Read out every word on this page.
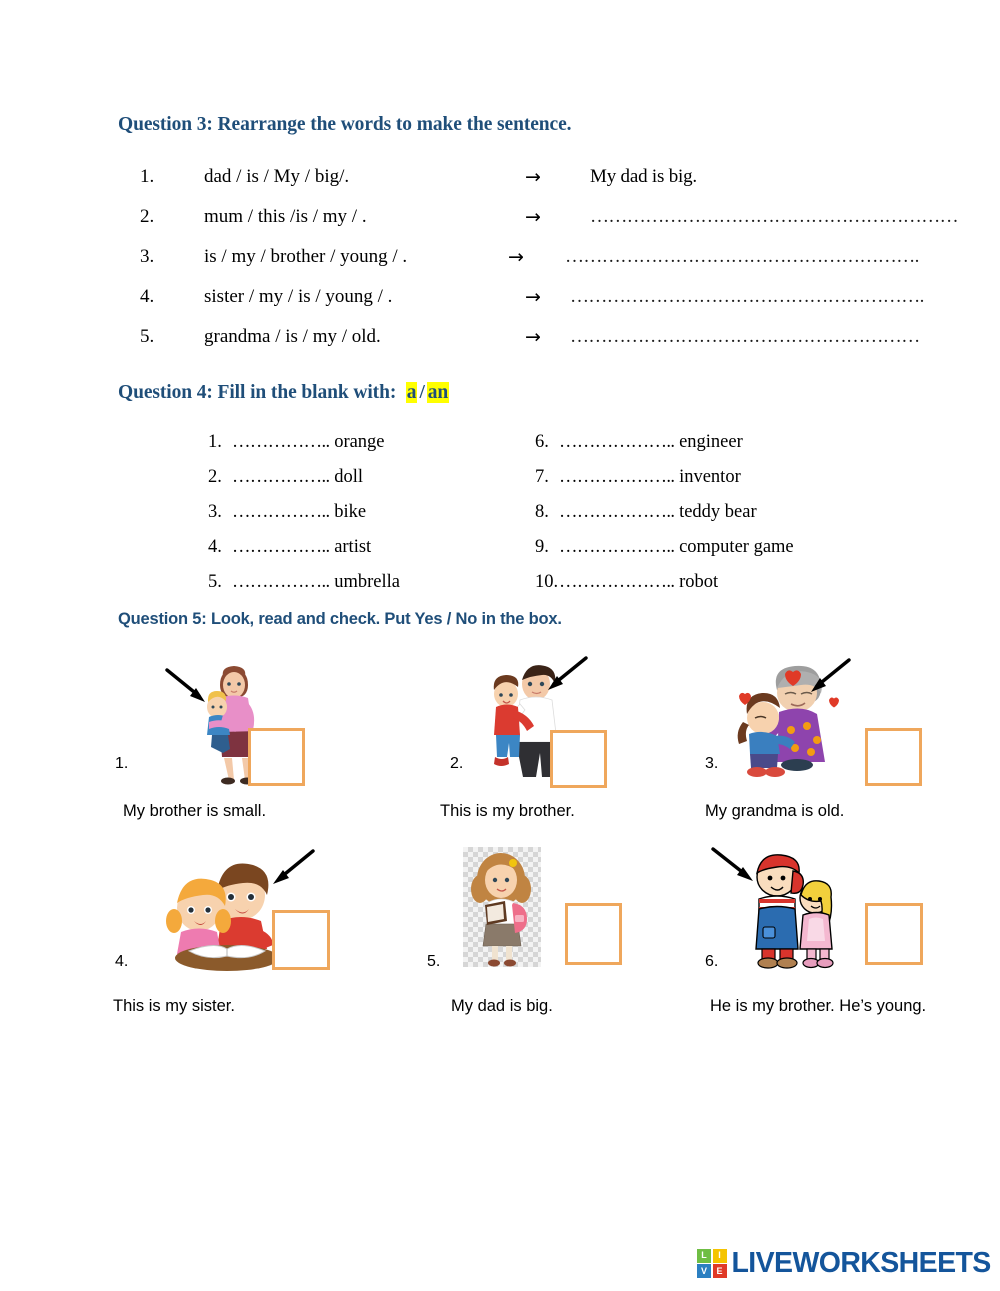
Question 3: Rearrange the words to make the sentence.
1.	dad / is / My / big/.	→	My dad is big.
2.	mum / this /is / my / .	→	……………………………………………………
3.	is / my / brother / young / .	→ ………………………………………………….
4.	sister / my / is / young / .	→ ………………………………………………….
5.	grandma / is / my / old.	→ …………………………………………………
Question 4: Fill in the blank with: a / an
1. …………….. orange
2. …………….. doll
3. …………….. bike
4. …………….. artist
5. …………….. umbrella
6. ……………….. engineer
7. ……………….. inventor
8. ……………….. teddy bear
9. ……………….. computer game
10.……………….. robot
Question 5: Look, read and check. Put Yes / No in the box.
1.
My brother is small.
2.
This is my brother.
3.
My grandma is old.
4.
This is my sister.
5.
My dad is big.
6.
He is my brother. He’s young.
L	I
V	E LIVEWORKSHEETS
